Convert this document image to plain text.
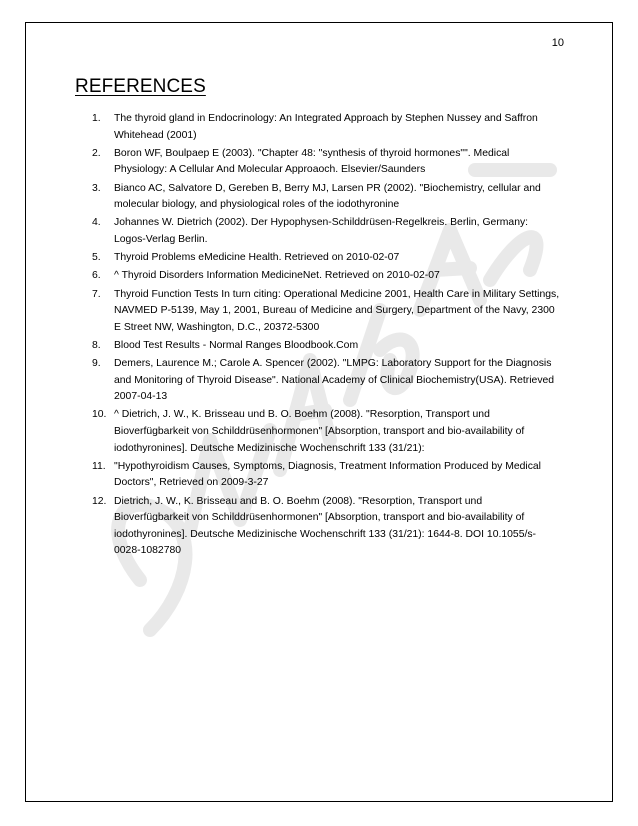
10
REFERENCES
1. The thyroid gland in Endocrinology: An Integrated Approach by Stephen Nussey and Saffron Whitehead (2001)
2. Boron WF, Boulpaep E (2003). "Chapter 48: "synthesis of thyroid hormones"". Medical Physiology: A Cellular And Molecular Approaoch. Elsevier/Saunders
3. Bianco AC, Salvatore D, Gereben B, Berry MJ, Larsen PR (2002). "Biochemistry, cellular and molecular biology, and physiological roles of the iodothyronine
4. Johannes W. Dietrich (2002). Der Hypophysen-Schilddrüsen-Regelkreis. Berlin, Germany: Logos-Verlag Berlin.
5. Thyroid Problems eMedicine Health. Retrieved on 2010-02-07
6. ^ Thyroid Disorders Information MedicineNet. Retrieved on 2010-02-07
7. Thyroid Function Tests In turn citing: Operational Medicine 2001, Health Care in Military Settings, NAVMED P-5139, May 1, 2001, Bureau of Medicine and Surgery, Department of the Navy, 2300 E Street NW, Washington, D.C., 20372-5300
8. Blood Test Results - Normal Ranges Bloodbook.Com
9. Demers, Laurence M.; Carole A. Spencer (2002). "LMPG: Laboratory Support for the Diagnosis and Monitoring of Thyroid Disease". National Academy of Clinical Biochemistry(USA). Retrieved 2007-04-13
10. ^ Dietrich, J. W., K. Brisseau und B. O. Boehm (2008). "Resorption, Transport und Bioverfügbarkeit von Schilddrüsenhormonen" [Absorption, transport and bio-availability of iodothyronines]. Deutsche Medizinische Wochenschrift 133 (31/21):
11. "Hypothyroidism Causes, Symptoms, Diagnosis, Treatment Information Produced by Medical Doctors", Retrieved on 2009-3-27
12. Dietrich, J. W., K. Brisseau and B. O. Boehm (2008). "Resorption, Transport und Bioverfügbarkeit von Schilddrüsenhormonen" [Absorption, transport and bio-availability of iodothyronines]. Deutsche Medizinische Wochenschrift 133 (31/21): 1644-8. DOI 10.1055/s-0028-1082780
